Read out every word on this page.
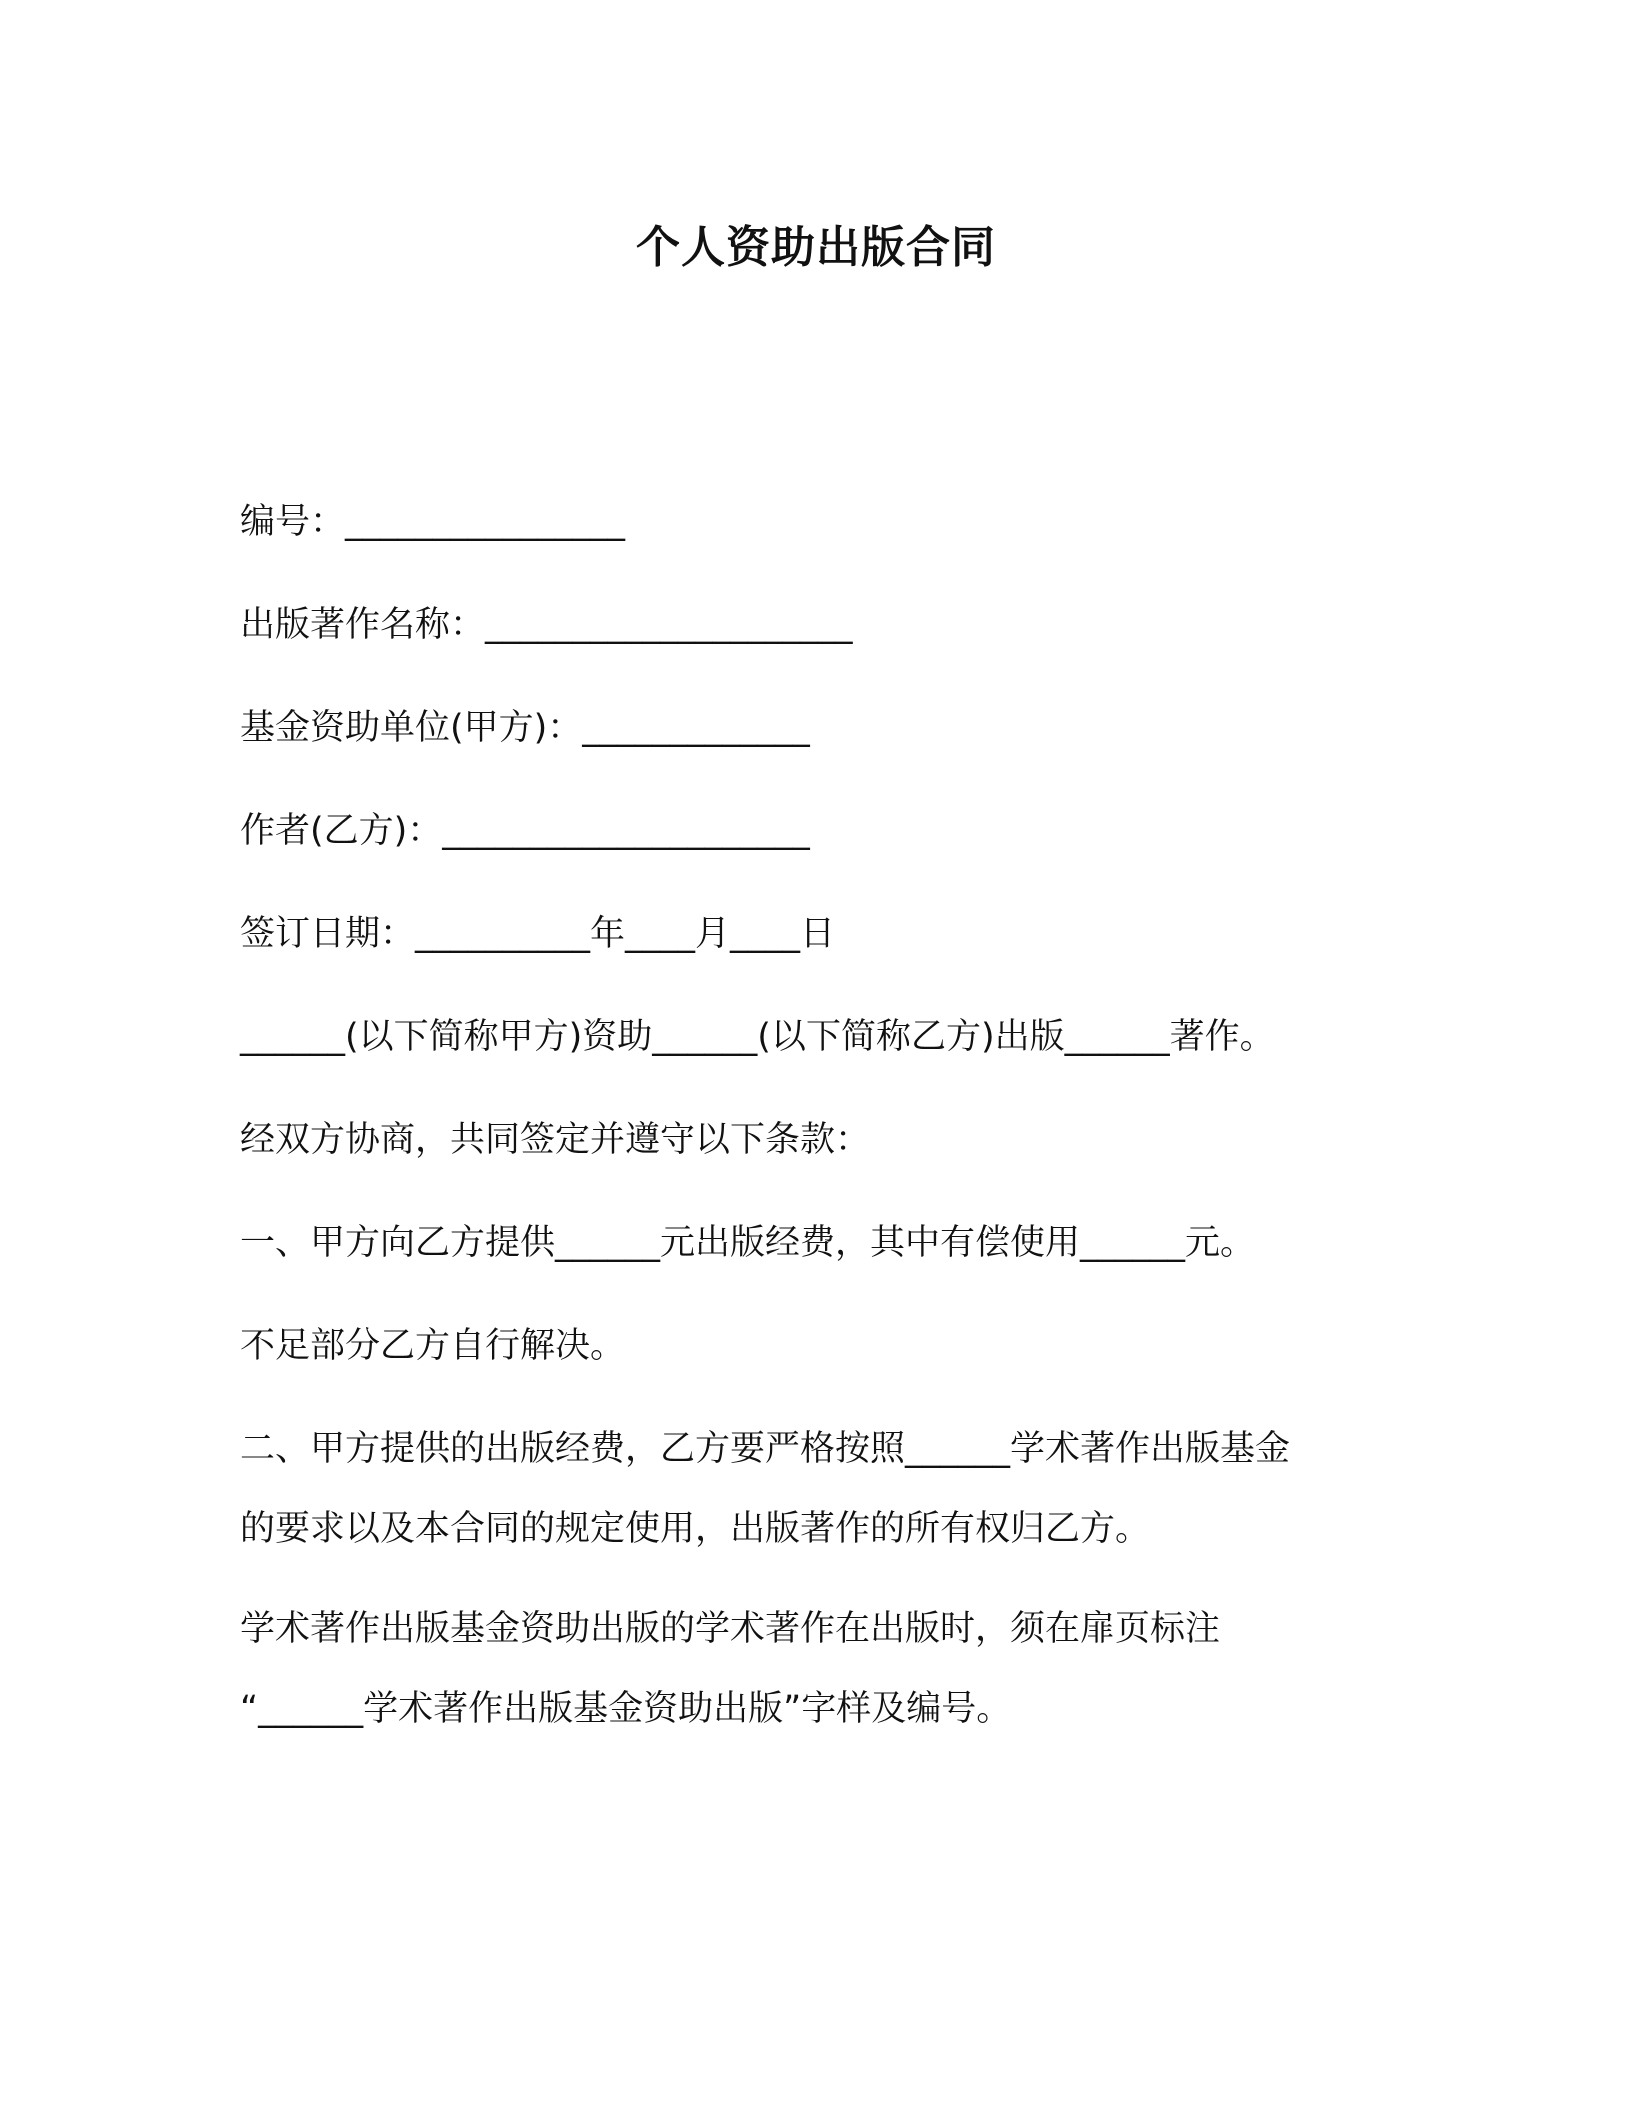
个人资助出版合同
编号：________________
出版著作名称：_____________________
基金资助单位(甲方)：_____________
作者(乙方)：_____________________
签订日期：__________年____月____日
______(以下简称甲方)资助______(以下简称乙方)出版______著作。
经双方协商，共同签定并遵守以下条款：
一、甲方向乙方提供______元出版经费，其中有偿使用______元。
不足部分乙方自行解决。
二、甲方提供的出版经费，乙方要严格按照______学术著作出版基金
的要求以及本合同的规定使用，出版著作的所有权归乙方。
学术著作出版基金资助出版的学术著作在出版时，须在扉页标注
“______学术著作出版基金资助出版”字样及编号。
